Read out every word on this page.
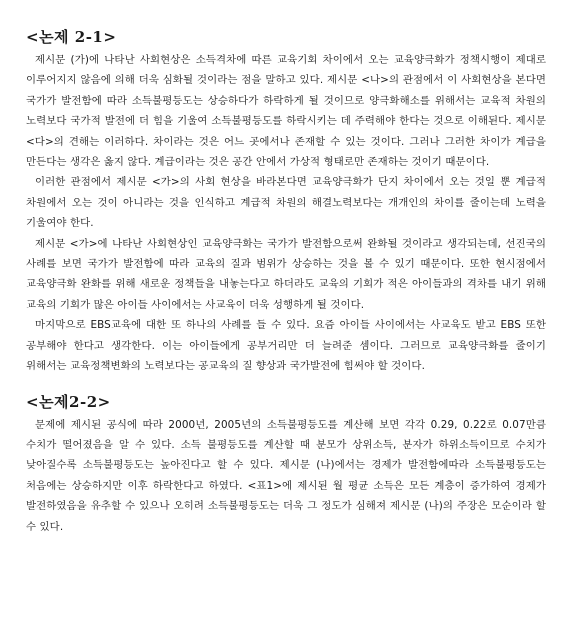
<논제 2-1>

제시문 (가)에 나타난 사회현상은 소득격차에 따른 교육기회 차이에서 오는 교육양극화가 정책시행이 제대로 이루어지지 않음에 의해 더욱 심화될 것이라는 점을 말하고 있다. 제시문 <나>의 관점에서 이 사회현상을 본다면 국가가 발전함에 따라 소득불평등도는 상승하다가 하락하게 될 것이므로 양극화해소를 위해서는 교육적 차원의 노력보다 국가적 발전에 더 힘을 기울여 소득불평등도를 하락시키는 데 주력해야 한다는 것으로 이해된다. 제시문<다>의 견해는 이러하다. 차이라는 것은 어느 곳에서나 존재할 수 있는 것이다. 그러나 그러한 차이가 계급을 만든다는 생각은 옳지 않다. 계급이라는 것은 공간 안에서 가상적 형태로만 존재하는 것이기 때문이다.

이러한 관점에서 제시문 <가>의 사회 현상을 바라본다면 교육양극화가 단지 차이에서 오는 것일 뿐 계급적 차원에서 오는 것이 아니라는 것을 인식하고 계급적 차원의 해결노력보다는 개개인의 차이를 줄이는데 노력을 기울여야 한다.

제시문 <가>에 나타난 사회현상인 교육양극화는 국가가 발전함으로써 완화될 것이라고 생각되는데, 선진국의 사례를 보면 국가가 발전함에 따라 교육의 질과 범위가 상승하는 것을 볼 수 있기 때문이다. 또한 현시점에서 교육양극화 완화를 위해 새로운 정책들을 내놓는다고 하더라도 교육의 기회가 적은 아이들과의 격차를 내기 위해 교육의 기회가 많은 아이들 사이에서는 사교육이 더욱 성행하게 될 것이다.

마지막으로 EBS교육에 대한 또 하나의 사례를 들 수 있다. 요즘 아이들 사이에서는 사교육도 받고 EBS 또한 공부해야 한다고 생각한다. 이는 아이들에게 공부거리만 더 늘려준 셈이다. 그러므로 교육양극화를 줄이기 위해서는 교육정책변화의 노력보다는 공교육의 질 향상과 국가발전에 힘써야 할 것이다.

<논제2-2>

문제에 제시된 공식에 따라 2000년, 2005년의 소득불평등도를 계산해 보면 각각 0.29, 0.22로 0.07만큼 수치가 떨어졌음을 알 수 있다. 소득 불평등도를 계산할 때 분모가 상위소득, 분자가 하위소득이므로 수치가 낮아질수록 소득불평등도는 높아진다고 할 수 있다. 제시문 (나)에서는 경제가 발전함에따라 소득불평등도는 처음에는 상승하지만 이후 하락한다고 하였다. <표1>에 제시된 월 평균 소득은 모든 계층이 증가하여 경제가 발전하였음을 유추할 수 있으나 오히려 소득불평등도는 더욱 그 정도가 심해져 제시문 (나)의 주장은 모순이라 할 수 있다.
